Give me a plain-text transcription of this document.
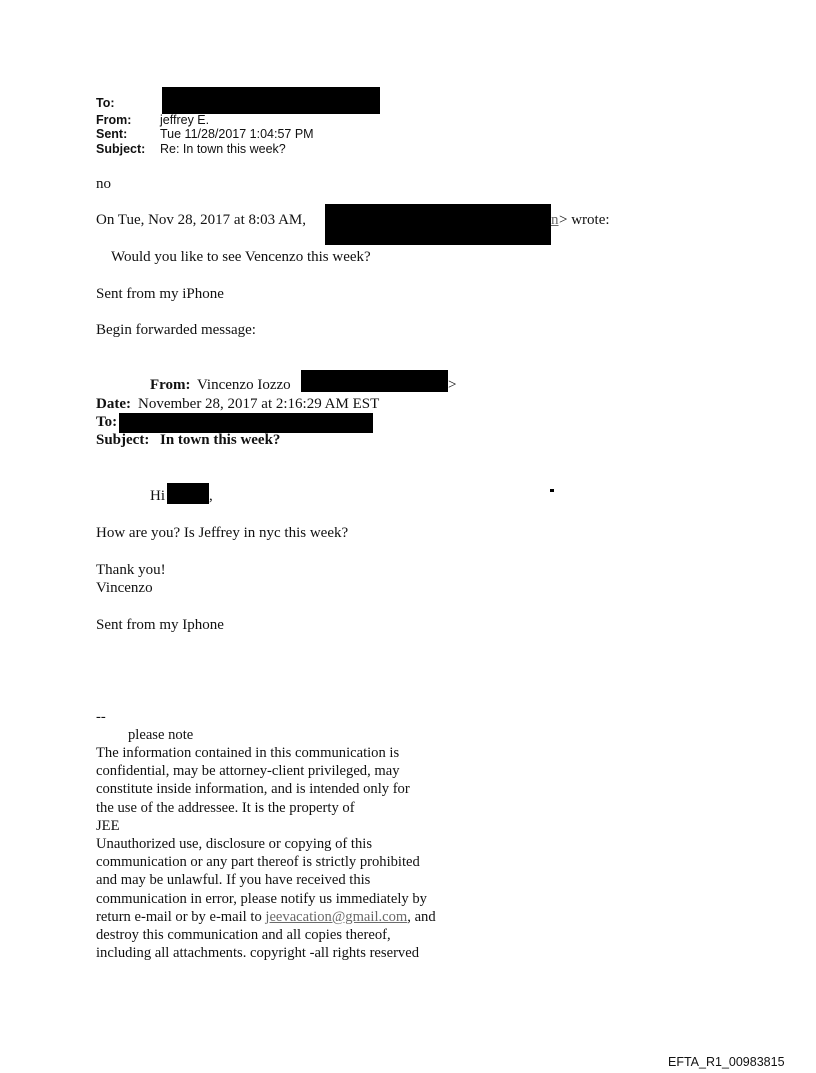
To:
From: jeffrey E.
Sent:	Tue 11/28/2017 1:04:57 PM
Subject: Re: In town this week?
no
On Tue, Nov 28, 2017 at 8:03 AM,	n > wrote:
Would you like to see Vencenzo this week?
Sent from my iPhone
Begin forwarded message:
From: Vincenzo Iozzo	>
Date: November 28, 2017 at 2:16:29 AM EST
To:
Subject: In town this week?
Hi	,
How are you? Is Jeffrey in nyc this week?
Thank you!
Vincenzo
Sent from my Iphone
--
please note
The information contained in this communication is
confidential, may be attorney-client privileged, may
constitute inside information, and is intended only for
the use of the addressee. It is the property of
JEE
Unauthorized use, disclosure or copying of this
communication or any part thereof is strictly prohibited
and may be unlawful. If you have received this
communication in error, please notify us immediately by
return e-mail or by e-mail to jeevacation@gmail.com, and
destroy this communication and all copies thereof,
including all attachments. copyright -all rights reserved
EFTA_R1_00983815
